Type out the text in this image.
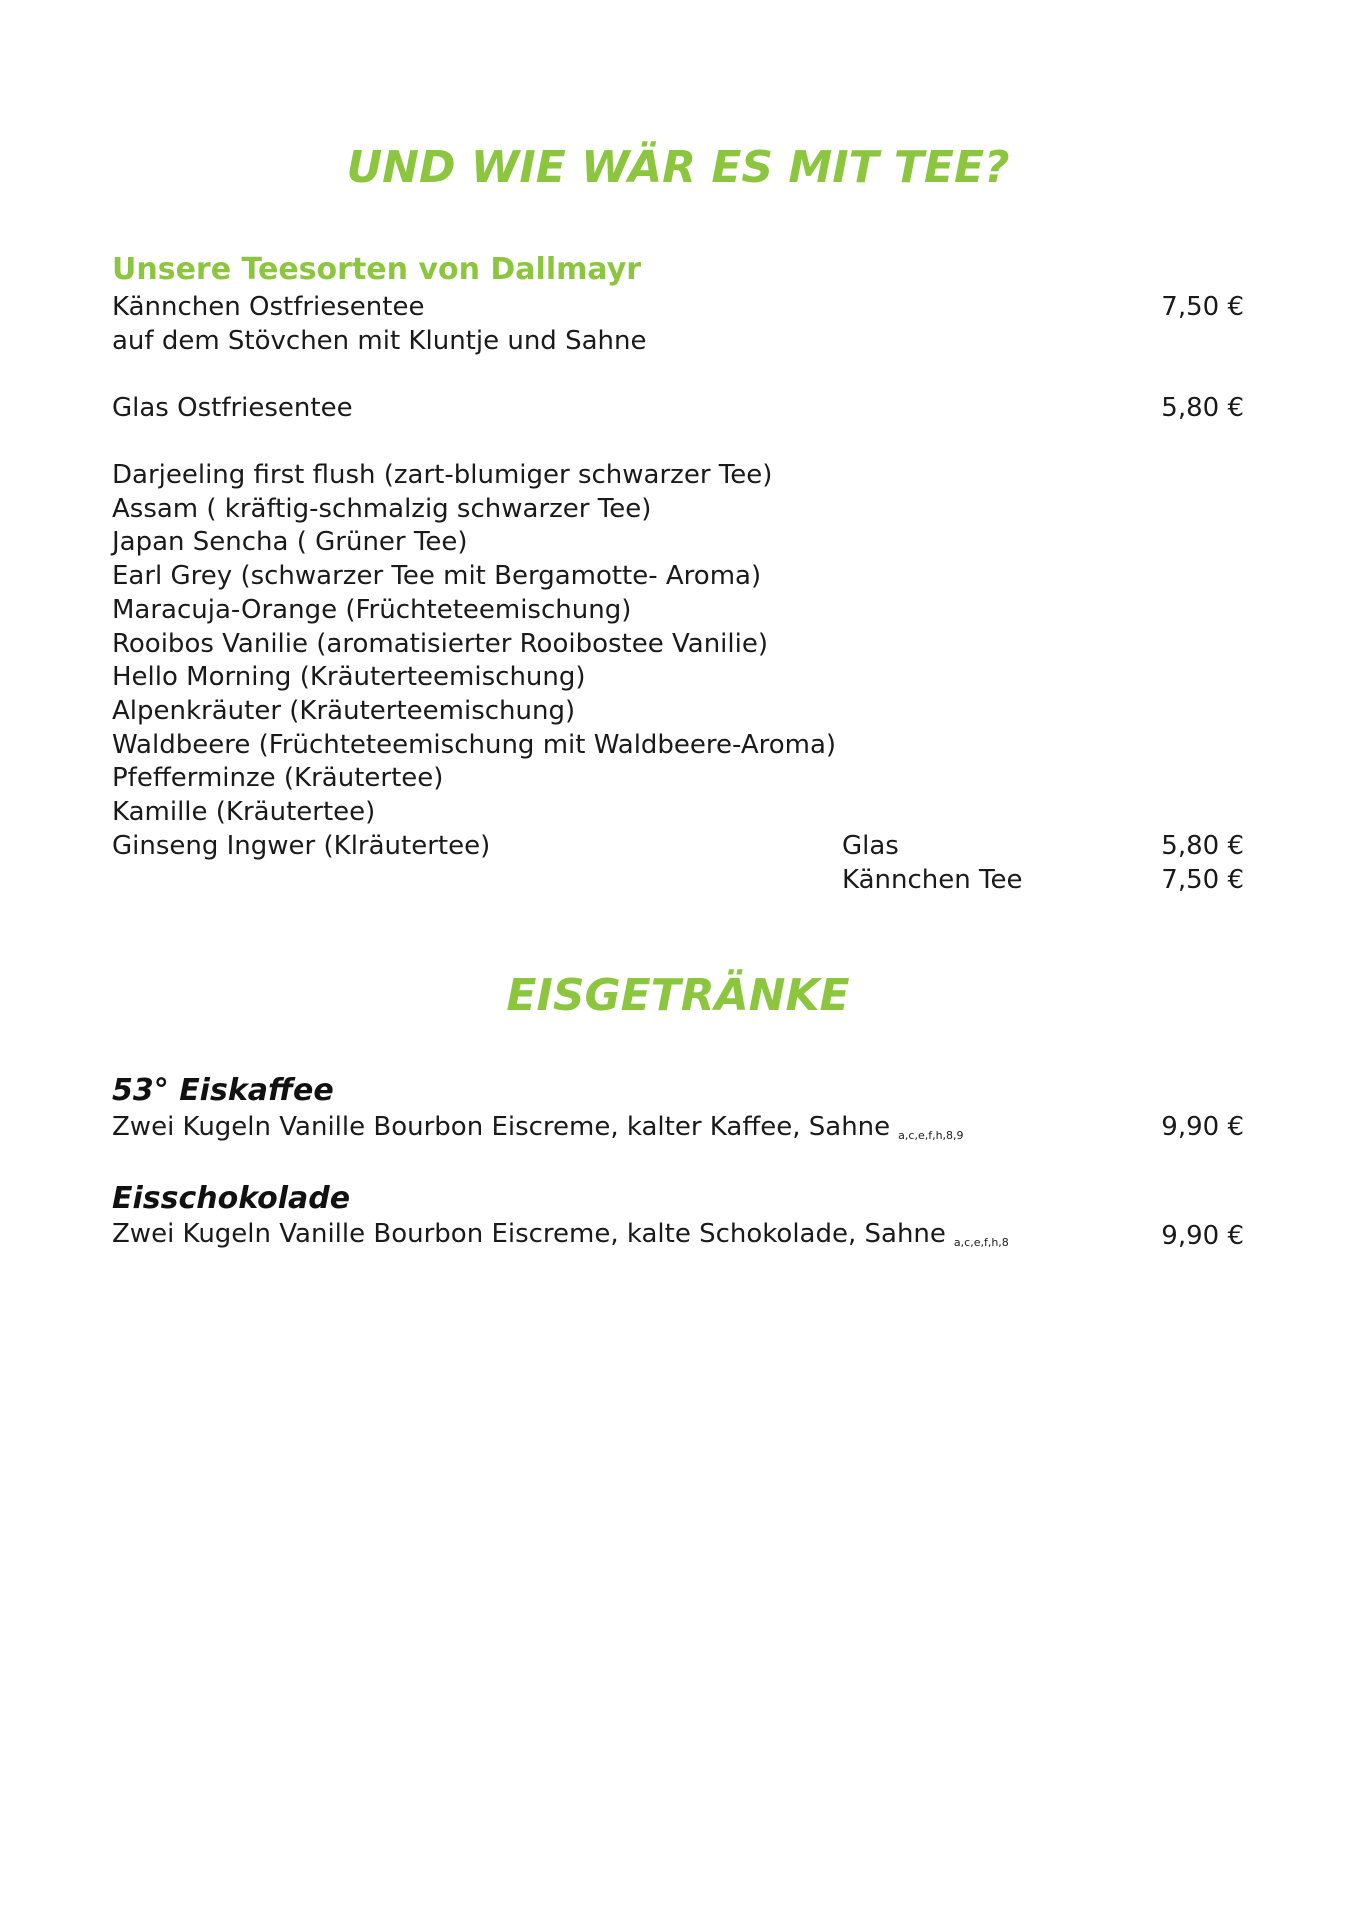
UND WIE WÄR ES MIT TEE?
Unsere Teesorten von Dallmayr
Kännchen Ostfriesentee	7,50 €
auf dem Stövchen mit Kluntje und Sahne
Glas Ostfriesentee	5,80 €
Darjeeling first flush (zart-blumiger schwarzer Tee)
Assam ( kräftig-schmalzig schwarzer Tee)
Japan Sencha ( Grüner Tee)
Earl Grey (schwarzer Tee mit Bergamotte- Aroma)
Maracuja-Orange (Früchteteemischung)
Rooibos Vanilie (aromatisierter Rooibostee Vanilie)
Hello Morning (Kräuterteemischung)
Alpenkräuter (Kräuterteemischung)
Waldbeere (Früchteteemischung mit Waldbeere-Aroma)
Pfefferminze (Kräutertee)
Kamille (Kräutertee)
Ginseng Ingwer (Klräutertee)	Glas	5,80 €
Kännchen Tee	7,50 €
EISGETRÄNKE
53° Eiskaffee
Zwei Kugeln Vanille Bourbon Eiscreme, kalter Kaffee, Sahne a,c,e,f,h,8,9	9,90 €
Eisschokolade
Zwei Kugeln Vanille Bourbon Eiscreme, kalte Schokolade, Sahne a,c,e,f,h,8	9,90 €
